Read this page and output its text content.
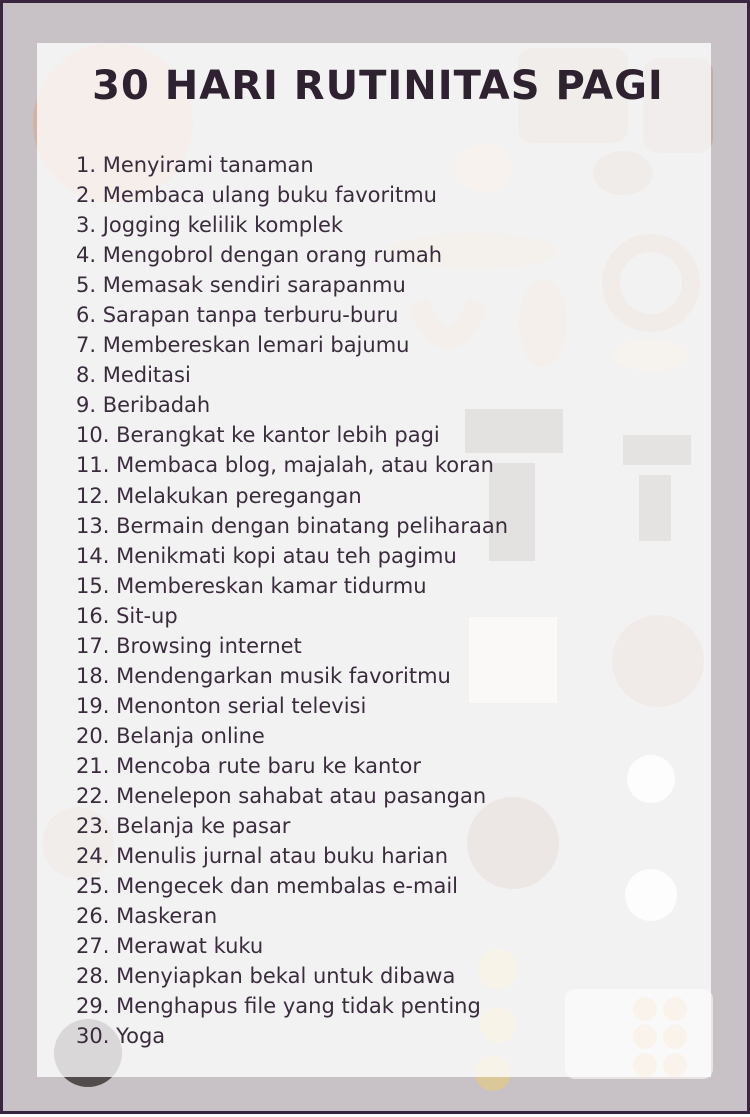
30 HARI RUTINITAS PAGI
1. Menyirami tanaman
2. Membaca ulang buku favoritmu
3. Jogging kelilik komplek
4. Mengobrol dengan orang rumah
5. Memasak sendiri sarapanmu
6. Sarapan tanpa terburu-buru
7. Membereskan lemari bajumu
8. Meditasi
9. Beribadah
10. Berangkat ke kantor lebih pagi
11. Membaca blog, majalah, atau koran
12. Melakukan peregangan
13. Bermain dengan binatang peliharaan
14. Menikmati kopi atau teh pagimu
15. Membereskan kamar tidurmu
16. Sit-up
17. Browsing internet
18. Mendengarkan musik favoritmu
19. Menonton serial televisi
20. Belanja online
21. Mencoba rute baru ke kantor
22. Menelepon sahabat atau pasangan
23. Belanja ke pasar
24. Menulis jurnal atau buku harian
25. Mengecek dan membalas e-mail
26. Maskeran
27. Merawat kuku
28. Menyiapkan bekal untuk dibawa
29. Menghapus file yang tidak penting
30. Yoga
